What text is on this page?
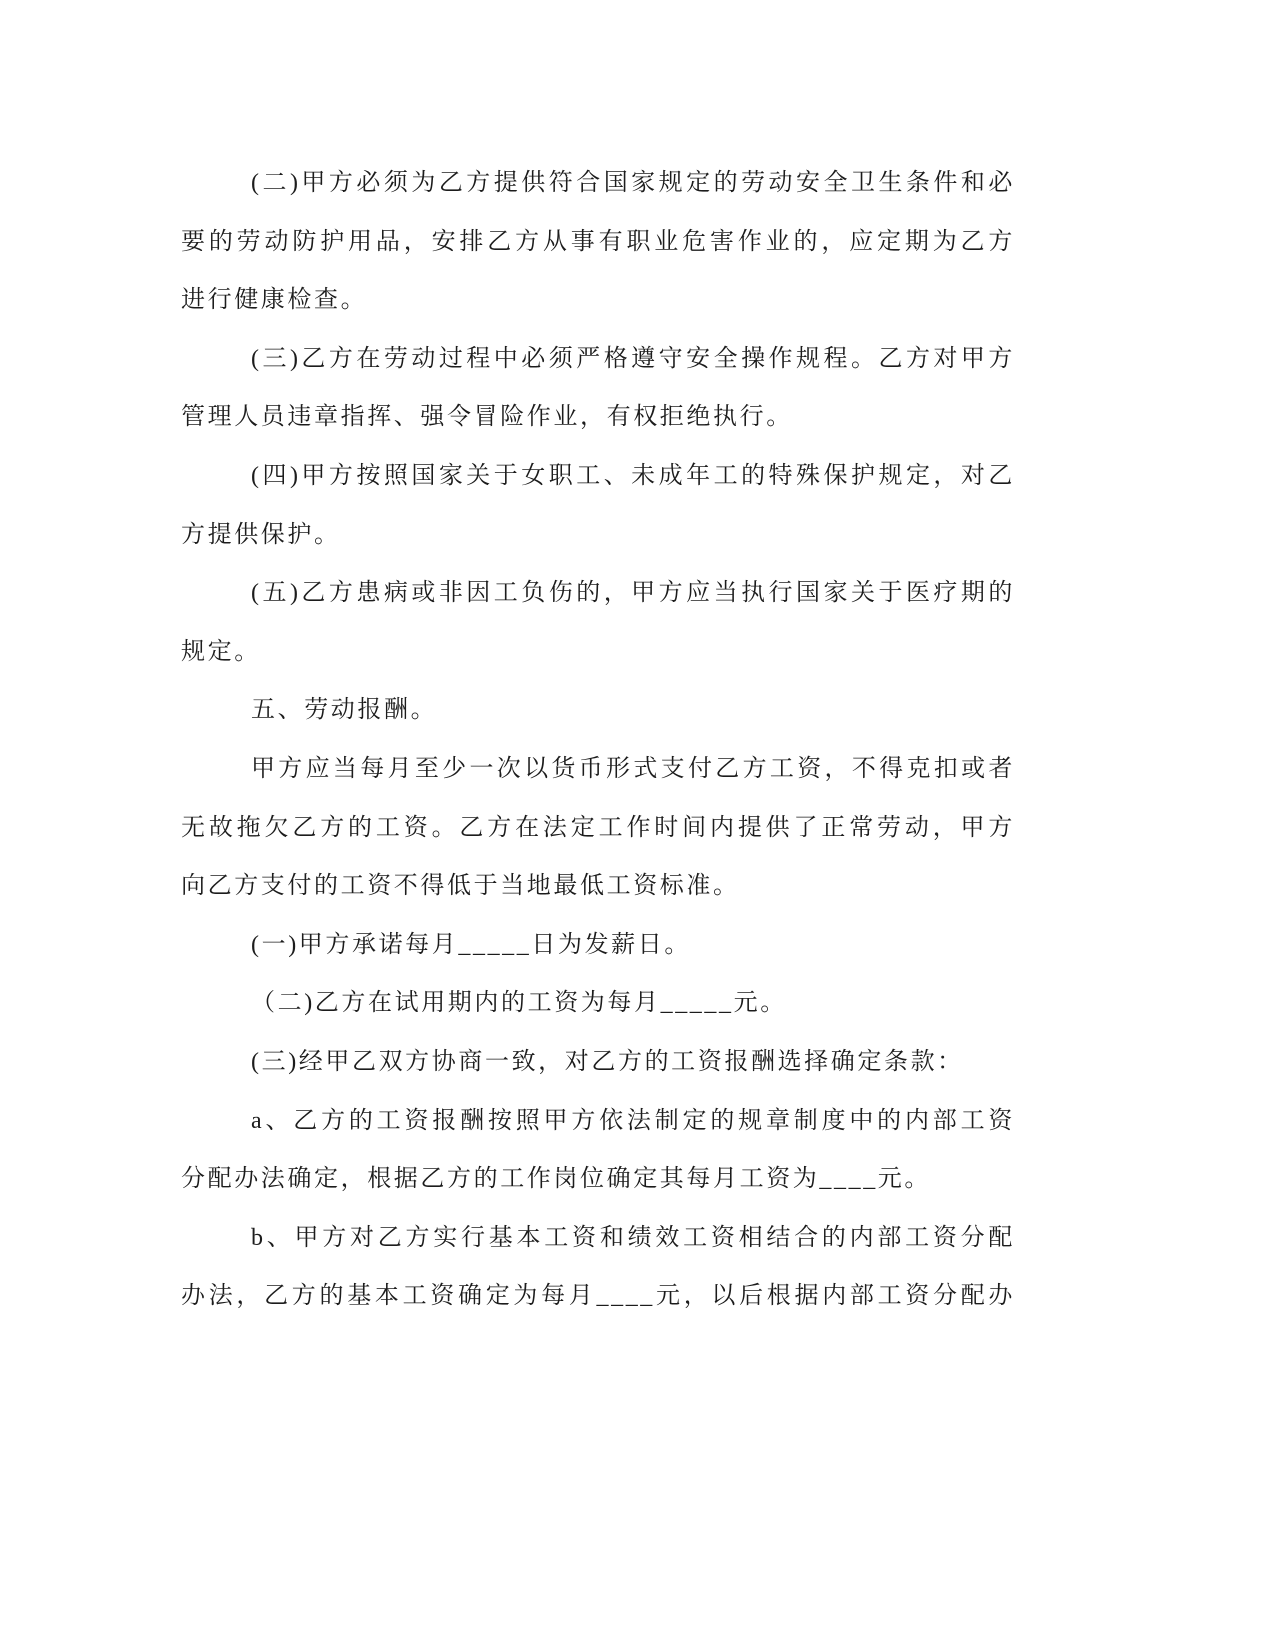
(二)甲方必须为乙方提供符合国家规定的劳动安全卫生条件和必
要的劳动防护用品，安排乙方从事有职业危害作业的，应定期为乙方
进行健康检查。
(三)乙方在劳动过程中必须严格遵守安全操作规程。乙方对甲方
管理人员违章指挥、强令冒险作业，有权拒绝执行。
(四)甲方按照国家关于女职工、未成年工的特殊保护规定，对乙
方提供保护。
(五)乙方患病或非因工负伤的，甲方应当执行国家关于医疗期的
规定。
五、劳动报酬。
甲方应当每月至少一次以货币形式支付乙方工资，不得克扣或者
无故拖欠乙方的工资。乙方在法定工作时间内提供了正常劳动，甲方
向乙方支付的工资不得低于当地最低工资标准。
(一)甲方承诺每月_____日为发薪日。
（二)乙方在试用期内的工资为每月_____元。
(三)经甲乙双方协商一致，对乙方的工资报酬选择确定条款：
a、乙方的工资报酬按照甲方依法制定的规章制度中的内部工资
分配办法确定，根据乙方的工作岗位确定其每月工资为____元。
b、甲方对乙方实行基本工资和绩效工资相结合的内部工资分配
办法，乙方的基本工资确定为每月____元，以后根据内部工资分配办
